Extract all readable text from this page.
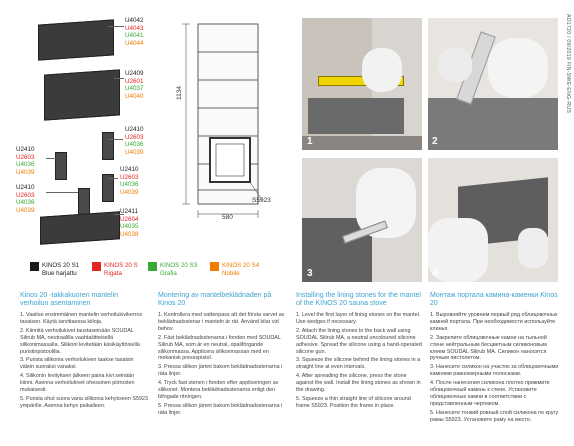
U4042
U4043
U4041
U4044
U2409
U2601
U4037
U4040
U2410
U2603
U4036
U4039
U2410
U2603
U4036
U4039	U2410
U2603
U4036
U4039
U2410
U2603
U4036
U4039	U2411
U2604
U4035
U4038
1134
580
S5923
KINOS 20 S1
Blue harjattu
KINOS 20 S
Rigata
KINOS 20 S3
Grafia
KINOS 20 S4
Nobile
1	2
3	4
AD1720 / 09/2019 FIN-SWE-ENG-RUS
Kinos 20 -takkakuoren mantelin verhoilun asentaminen

1. Vaaitse ensimmäinen mantelin verhoilukivikerros tasaisen. Käytä tarvittaessa kiiloja.

2. Kiinnitä verhoilukivet taustaseinään SOUDAL Silirub MA, neutraalilla vaahtaliitteisellä silikonimassalla. Silikoni levitetään käsikäyttöisellä puristinpistoolilla.

3. Purista silikonia verhoilukiven taakse tasaisin välein suoraksi vanaksi.

4. Silikonin levityksen jälkeen paina kivi seinään kiinni. Asenna verhoilukivet ohessinen piirrosten mukaisesti.

5. Purista ohut suora vana silikonia kehykseen S5923 ympärille. Asenna kehys paikalleen.

Montering av mantelbeklädnaden på Kinos 20

1. Kontrollera med vattenpass att det första varvet av beklädnadsstenar i manteln är rät. Använd kilar vid behov.

2. Fäst beklädnadsstenarna i fonden med SOUDAL Silirub MA, som är en neutral, opaliförgande silikonmassa. Applicera silikonmassan med en mekanisk pressspistol.

3. Pressa silikon jämnt bakom beklädnadsstenarna i räta linjer.

4. Tryck fast stenen i fonden efter appliceringen av silikonet. Montera beklädnadsstenarna enligt den bifogade ritningen.

5. Pressa silikon jämnt bakom beklädnadsstenarna i räta linjer.

Installing the lining stones for the mantel of the KINOS 20 sauna stove

1. Level the first layer of lining stones on the mantel. Use wedges if necessary.

2. Attach the lining stones to the back wall using SOUDAL Silirub MA, a neutral uncoloured silicone adhesive. Spread the silicone using a hand-operated silicone gun.

3. Squeeze the silicone behind the lining stones in a straight line at even intervals.

4. After spreading the silicone, press the stone against the wall. Install the lining stones as shown in the drawing.

5. Squeeze a thin straight line of silicone around frame S5923. Position the frame in place.

Монтаж портала камина-каменки Kinos 20

1. Выровняйте уровнем первый ряд облицовочных камней портала. При необходимости используйте клинья.

2. Закрепите облицовочные камни на тыльной стене нейтральным бесцветным силиконовым клеем SOUDAL Silirub MA. Силикон наносится ручным пистолетом.

3. Нанесите силикон на участок за облицовочными камнями равномерными полосками.

4. После нанесения силикона плотно прижмите облицовочный камень к стене. Установите облицовочные камни в соответствии с представленным чертежом.

5. Нанесите тонкий ровный слой силикона по кругу рамы S5923. Установите раму на место.
